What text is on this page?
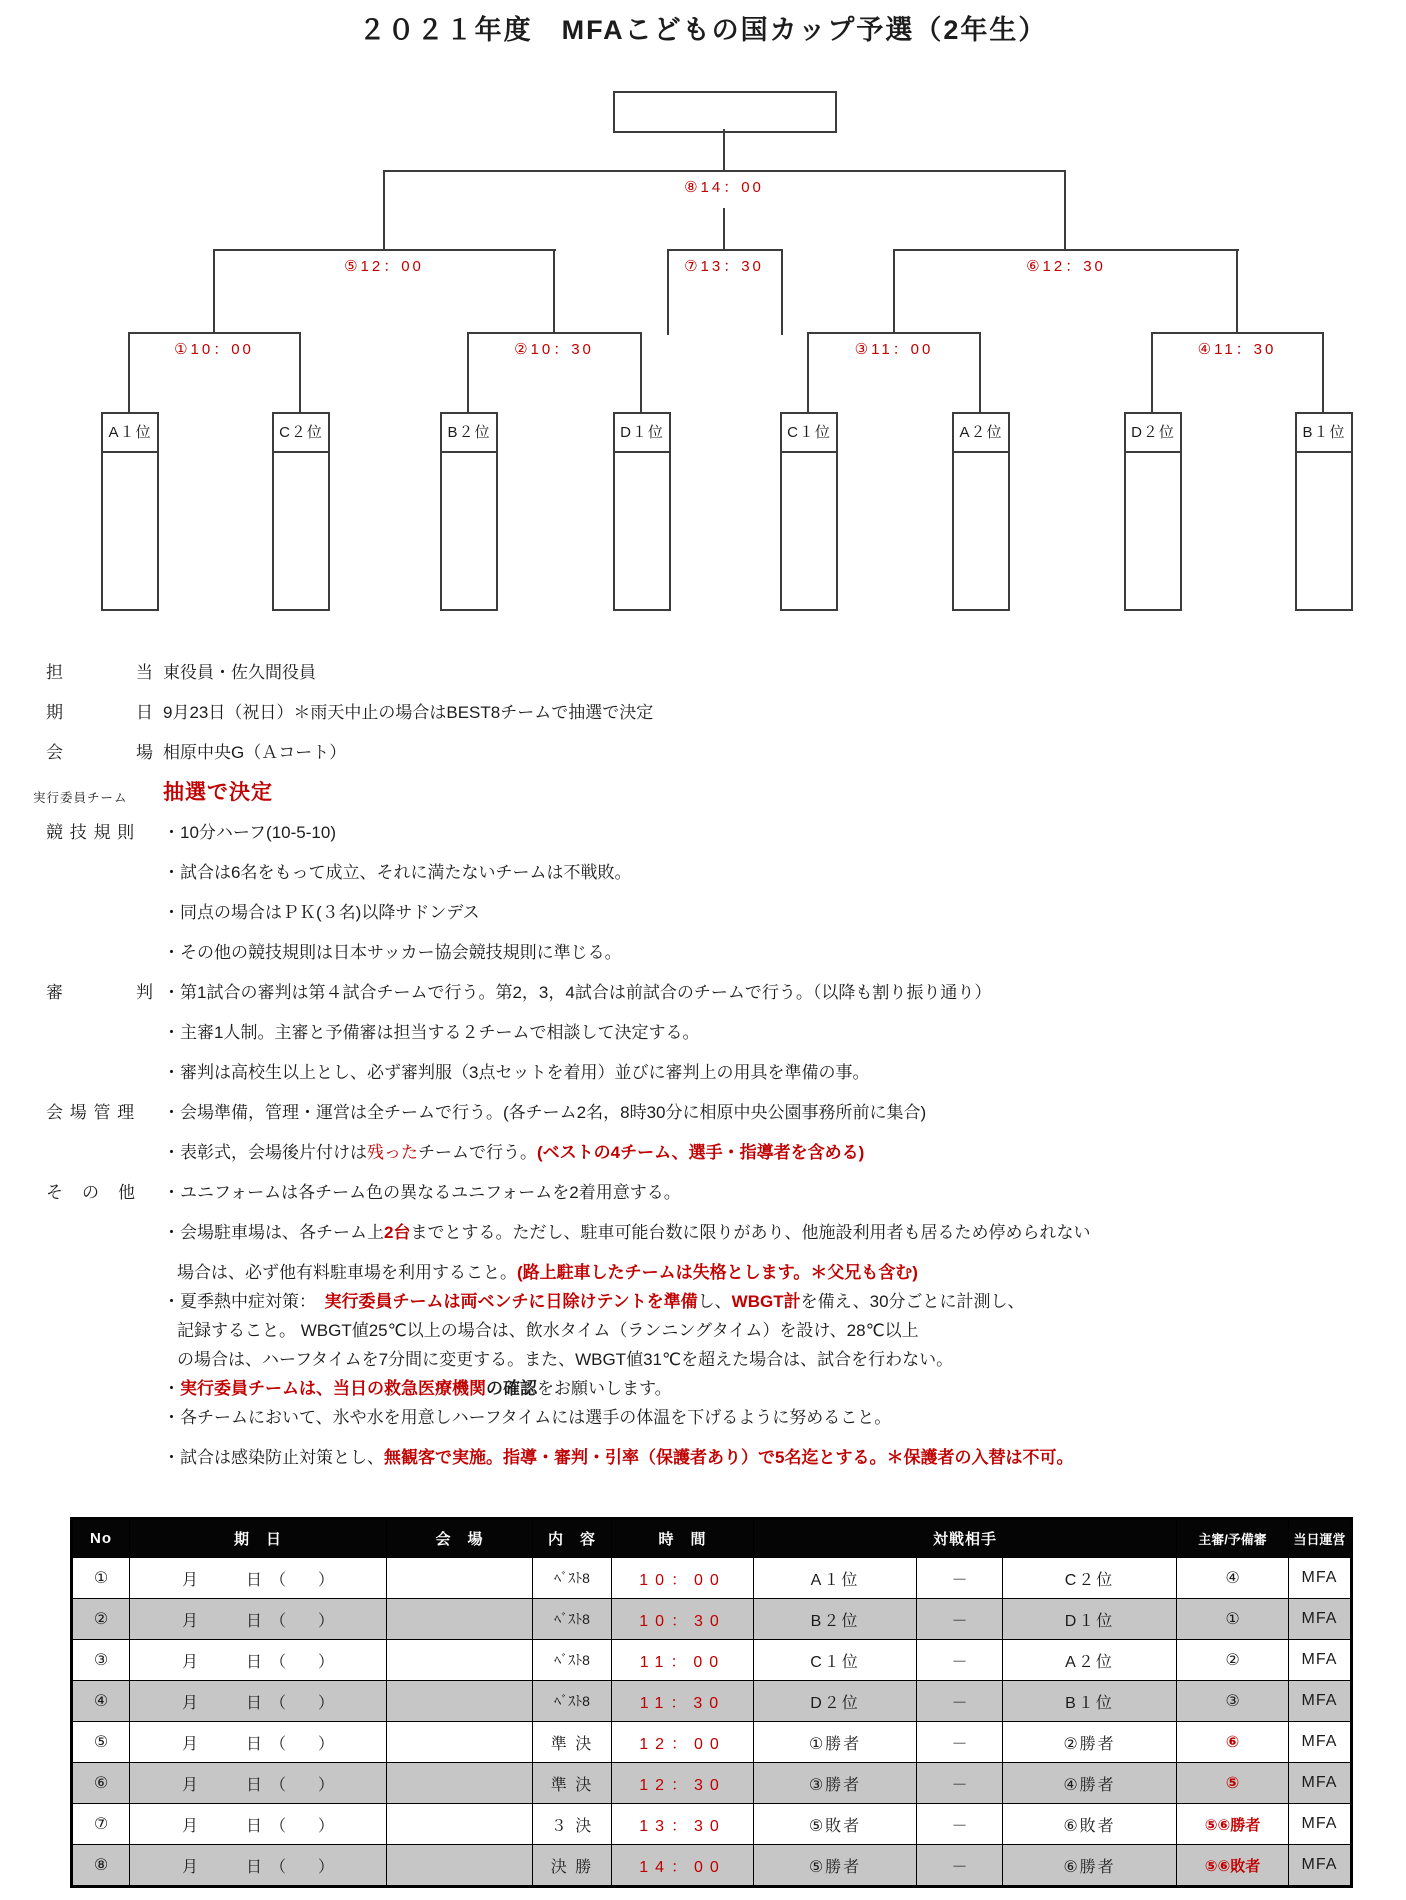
２０２１年度　MFAこどもの国カップ予選（2年生）
⑧14：00
⑤12：00	⑦13：30	⑥12：30
①10：00	②10：30	③11：00	④11：30
A１位	C２位	B２位	D１位	C１位	A２位	D２位	B１位
担　　　　当 東役員・佐久間役員
期　　　　日 9月23日（祝日）＊雨天中止の場合はBEST8チームで抽選で決定
会　　　　場 相原中央G（Ａコート）
実行委員チーム 抽選で決定
競 技 規 則 ・10分ハーフ(10-5-10)
・試合は6名をもって成立、それに満たないチームは不戦敗。
・同点の場合はＰＫ(３名)以降サドンデス
・その他の競技規則は日本サッカー協会競技規則に準じる。
審　　　　判 ・第1試合の審判は第４試合チームで行う。第2，3，4試合は前試合のチームで行う。（以降も割り振り通り）
・主審1人制。主審と予備審は担当する２チームで相談して決定する。
・審判は高校生以上とし、必ず審判服（3点セットを着用）並びに審判上の用具を準備の事。
会 場 管 理 ・会場準備，管理・運営は全チームで行う。(各チーム2名，8時30分に相原中央公園事務所前に集合)
・表彰式，会場後片付けは残ったチームで行う。(ベストの4チーム、選手・指導者を含める)
そ　の　他 ・ユニフォームは各チーム色の異なるユニフォームを2着用意する。
・会場駐車場は、各チーム上2台までとする。ただし、駐車可能台数に限りがあり、他施設利用者も居るため停められない
場合は、必ず他有料駐車場を利用すること。(路上駐車したチームは失格とします。＊父兄も含む)
・夏季熱中症対策：　実行委員チームは両ベンチに日除けテントを準備し、WBGT計を備え、30分ごとに計測し、
記録すること。 WBGT値25℃以上の場合は、飲水タイム（ランニングタイム）を設け、28℃以上
の場合は、ハーフタイムを7分間に変更する。また、WBGT値31℃を超えた場合は、試合を行わない。
・実行委員チームは、当日の救急医療機関の確認をお願いします。
・各チームにおいて、氷や水を用意しハーフタイムには選手の体温を下げるように努めること。
・試合は感染防止対策とし、無観客で実施。指導・審判・引率（保護者あり）で5名迄とする。＊保護者の入替は不可。
No	期　日	会　場	内　容	時　間	対戦相手			主審/予備審	当日運営
①	月　　　日　（　　）		ﾍﾞｽﾄ8	10：00	A１位	－	C２位	④	MFA
②	月　　　日　（　　）		ﾍﾞｽﾄ8	10：30	B２位	－	D１位	①	MFA
③	月　　　日　（　　）		ﾍﾞｽﾄ8	11：00	C１位	－	A２位	②	MFA
④	月　　　日　（　　）		ﾍﾞｽﾄ8	11：30	D２位	－	B１位	③	MFA
⑤	月　　　日　（　　）		準 決	12：00	①勝者	－	②勝者	⑥	MFA
⑥	月　　　日　（　　）		準 決	12：30	③勝者	－	④勝者	⑤	MFA
⑦	月　　　日　（　　）		３ 決	13：30	⑤敗者	－	⑥敗者	⑤⑥勝者	MFA
⑧	月　　　日　（　　）		決 勝	14：00	⑤勝者	－	⑥勝者	⑤⑥敗者	MFA
